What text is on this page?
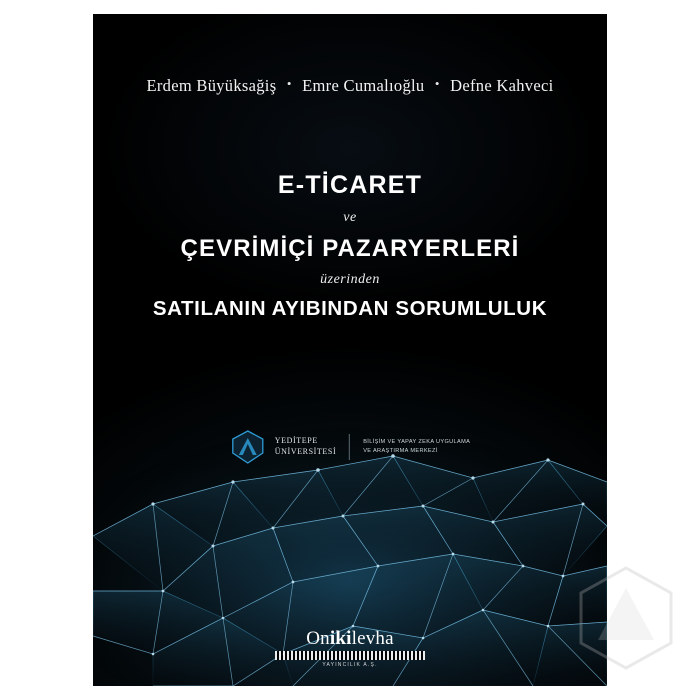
Erdem Büyüksağiş • Emre Cumalıoğlu • Defne Kahveci
E-TİCARET
ve
ÇEVRİMİÇİ PAZARYERLERİ
üzerinden
SATILANIN AYIBINDAN SORUMLULUK
YEDİTEPE
ÜNİVERSİTESİ
BİLİŞİM VE YAPAY ZEKA UYGULAMA
VE ARAŞTIRMA MERKEZİ
Onikilevha
YAYINCILIK A.Ş.
